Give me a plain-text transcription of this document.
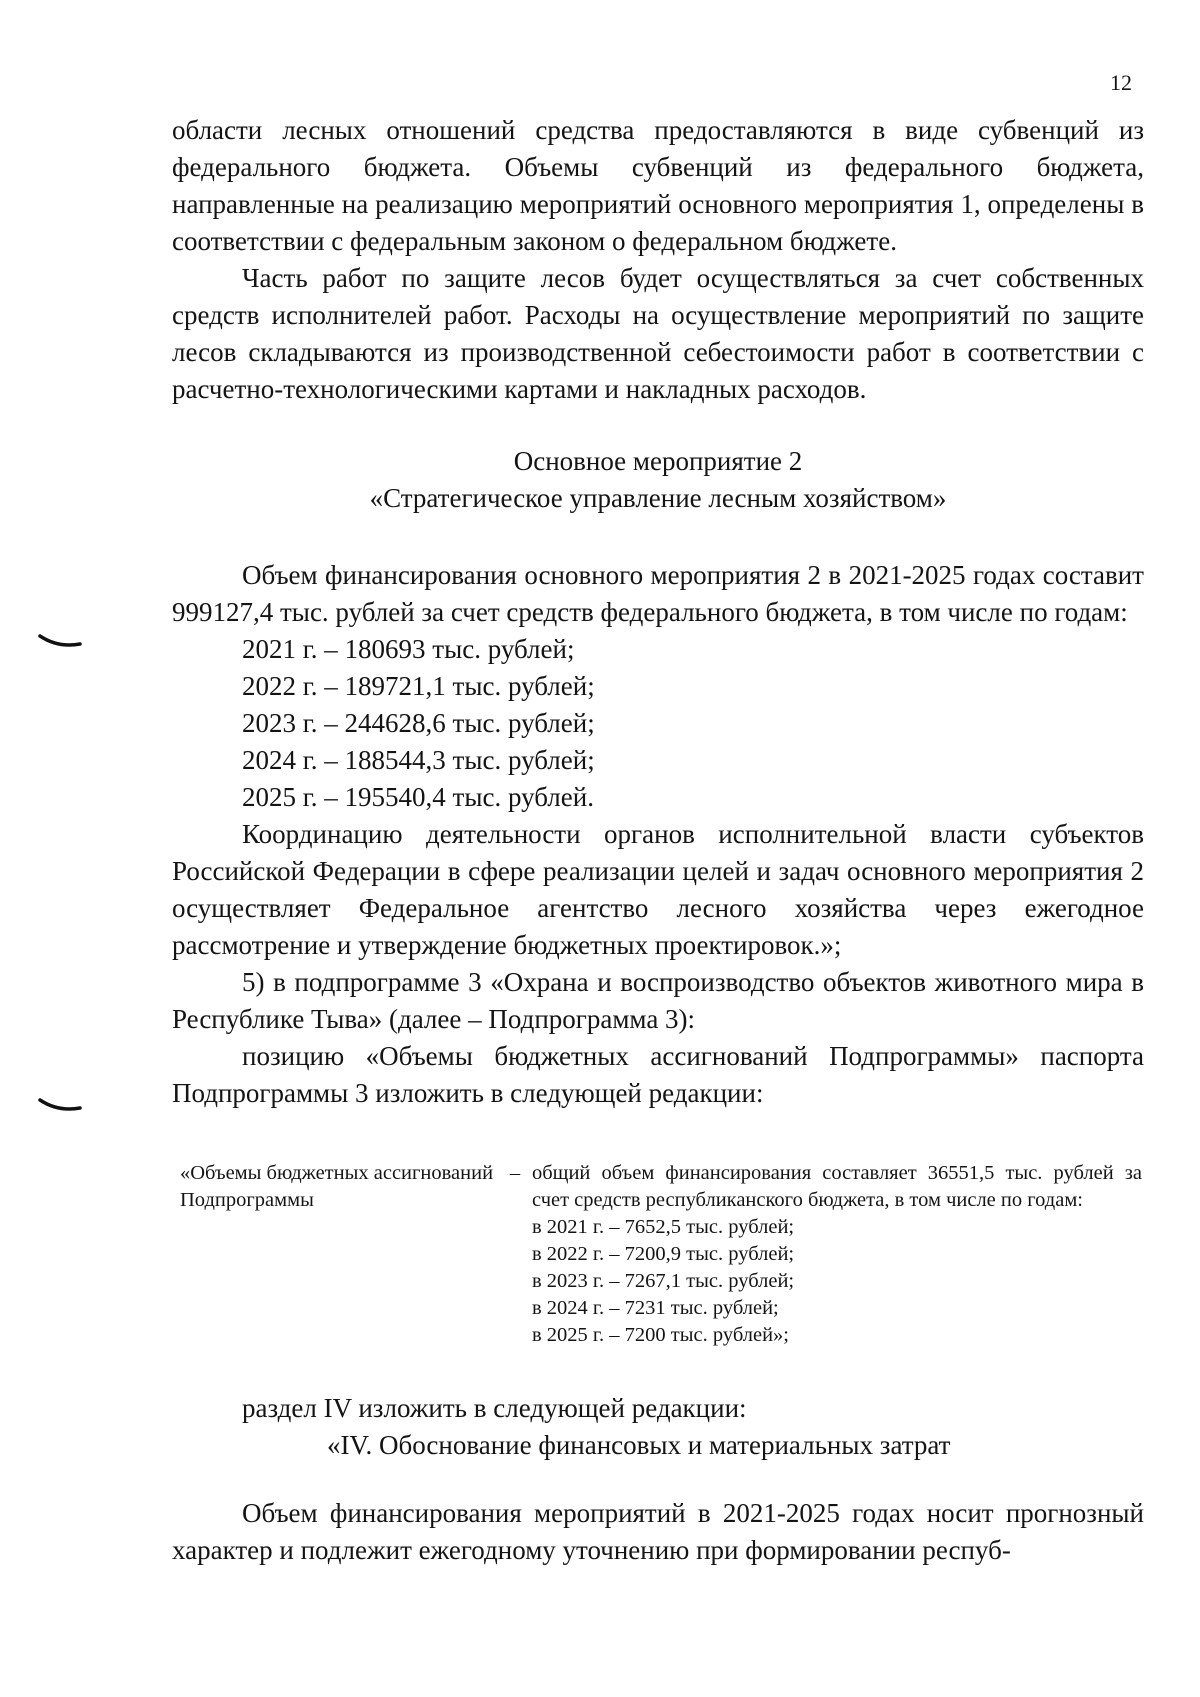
12

области лесных отношений средства предоставляются в виде субвенций из федерального бюджета. Объемы субвенций из федерального бюджета, направленные на реализацию мероприятий основного мероприятия 1, определены в соответствии с федеральным законом о федеральном бюджете.

Часть работ по защите лесов будет осуществляться за счет собственных средств исполнителей работ. Расходы на осуществление мероприятий по защите лесов складываются из производственной себестоимости работ в соответствии с расчетно-технологическими картами и накладных расходов.

Основное мероприятие 2

«Стратегическое управление лесным хозяйством»

Объем финансирования основного мероприятия 2 в 2021-2025 годах составит 999127,4 тыс. рублей за счет средств федерального бюджета, в том числе по годам:

2021 г. – 180693 тыс. рублей;
2022 г. – 189721,1 тыс. рублей;
2023 г. – 244628,6 тыс. рублей;
2024 г. – 188544,3 тыс. рублей;
2025 г. – 195540,4 тыс. рублей.

Координацию деятельности органов исполнительной власти субъектов Российской Федерации в сфере реализации целей и задач основного мероприятия 2 осуществляет Федеральное агентство лесного хозяйства через ежегодное рассмотрение и утверждение бюджетных проектировок.»;

5) в подпрограмме 3 «Охрана и воспроизводство объектов животного мира в Республике Тыва» (далее – Подпрограмма 3):

позицию «Объемы бюджетных ассигнований Подпрограммы» паспорта Подпрограммы 3 изложить в следующей редакции:

«Объемы бюджетных ассигнований Подпрограммы
– общий объем финансирования составляет 36551,5 тыс. рублей за счет средств республиканского бюджета, в том числе по годам:

в 2021 г. – 7652,5 тыс. рублей;
в 2022 г. – 7200,9 тыс. рублей;
в 2023 г. – 7267,1 тыс. рублей;
в 2024 г. – 7231 тыс. рублей;
в 2025 г. – 7200 тыс. рублей»;

раздел IV изложить в следующей редакции:

«IV. Обоснование финансовых и материальных затрат

Объем финансирования мероприятий в 2021-2025 годах носит прогнозный характер и подлежит ежегодному уточнению при формировании респуб-
